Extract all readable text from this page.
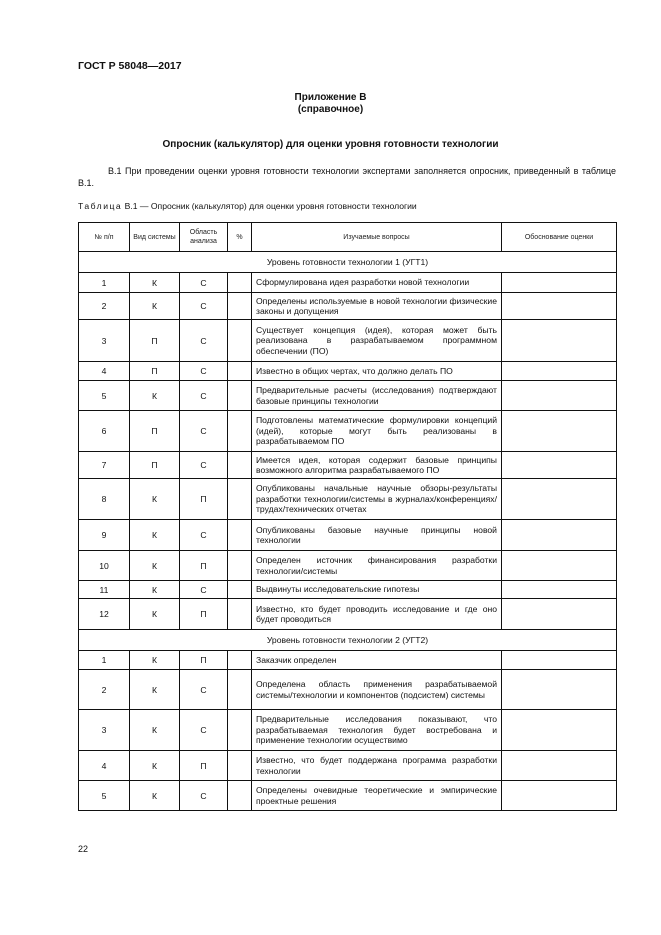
ГОСТ Р 58048—2017
Приложение В
(справочное)
Опросник (калькулятор) для оценки уровня готовности технологии
В.1 При проведении оценки уровня готовности технологии экспертами заполняется опросник, приведенный в таблице В.1.
Таблица В.1 — Опросник (калькулятор) для оценки уровня готовности технологии
№ п/п	Вид системы	Область анализа	%	Изучаемые вопросы	Обоснование оценки
Уровень готовности технологии 1 (УГТ1)					
1	К	С		Сформулирована идея разработки новой технологии	
2	К	С		Определены используемые в новой технологии физические законы и допущения	
3	П	С		Существует концепция (идея), которая может быть реализована в разрабатываемом программном обеспечении (ПО)	
4	П	С		Известно в общих чертах, что должно делать ПО	
5	К	С		Предварительные расчеты (исследования) подтверждают базовые принципы технологии	
6	П	С		Подготовлены математические формулировки концепций (идей), которые могут быть реализованы в разрабатываемом ПО	
7	П	С		Имеется идея, которая содержит базовые принципы возможного алгоритма разрабатываемого ПО	
8	К	П		Опубликованы начальные научные обзоры-результаты разработки технологии/системы в журналах/конференциях/трудах/технических отчетах	
9	К	С		Опубликованы базовые научные принципы новой технологии	
10	К	П		Определен источник финансирования разработки технологии/системы	
11	К	С		Выдвинуты исследовательские гипотезы	
12	К	П		Известно, кто будет проводить исследование и где оно будет проводиться	
Уровень готовности технологии 2 (УГТ2)					
1	К	П		Заказчик определен	
2	К	С		Определена область применения разрабатываемой системы/технологии и компонентов (подсистем) системы	
3	К	С		Предварительные исследования показывают, что разрабатываемая технология будет востребована и применение технологии осуществимо	
4	К	П		Известно, что будет поддержана программа разработки технологии	
5	К	С		Определены очевидные теоретические и эмпирические проектные решения	
22
